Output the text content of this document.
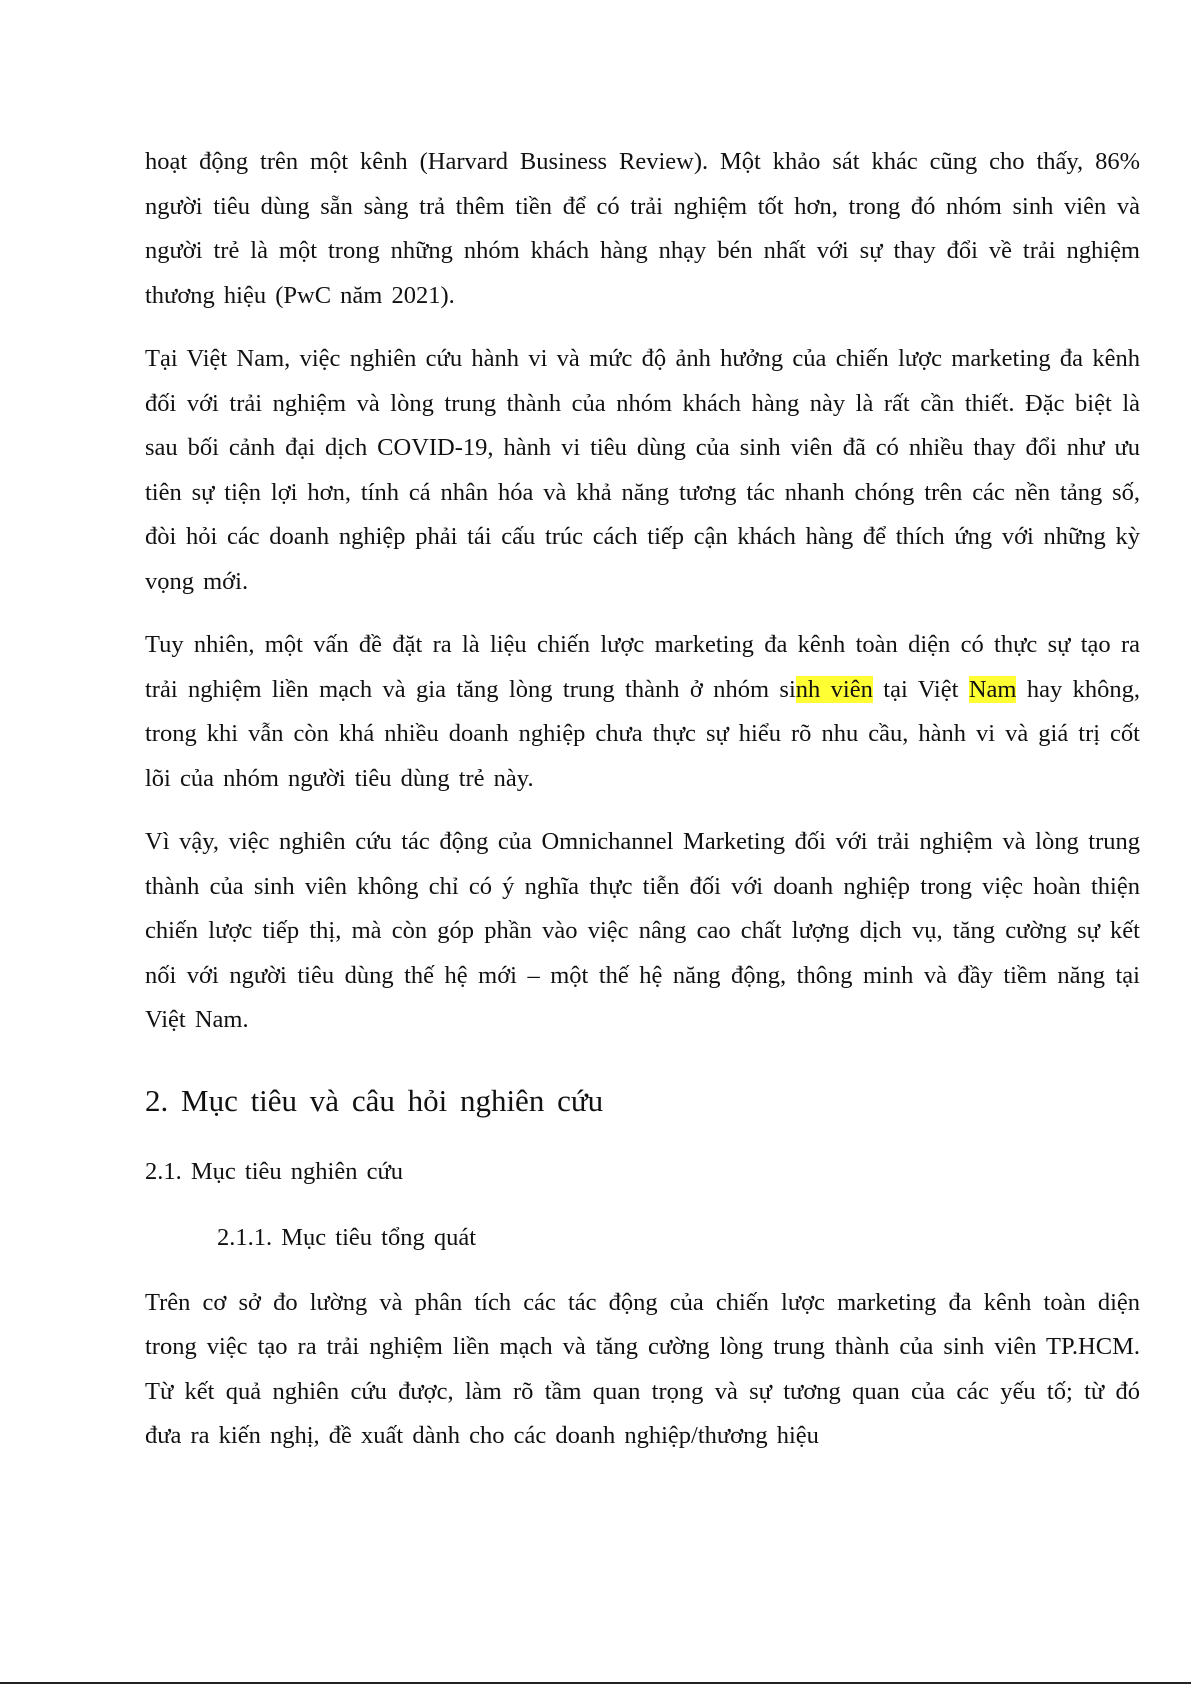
hoạt động trên một kênh (Harvard Business Review). Một khảo sát khác cũng cho thấy, 86% người tiêu dùng sẵn sàng trả thêm tiền để có trải nghiệm tốt hơn, trong đó nhóm sinh viên và người trẻ là một trong những nhóm khách hàng nhạy bén nhất với sự thay đổi về trải nghiệm thương hiệu (PwC năm 2021).

Tại Việt Nam, việc nghiên cứu hành vi và mức độ ảnh hưởng của chiến lược marketing đa kênh đối với trải nghiệm và lòng trung thành của nhóm khách hàng này là rất cần thiết. Đặc biệt là sau bối cảnh đại dịch COVID-19, hành vi tiêu dùng của sinh viên đã có nhiều thay đổi như ưu tiên sự tiện lợi hơn, tính cá nhân hóa và khả năng tương tác nhanh chóng trên các nền tảng số, đòi hỏi các doanh nghiệp phải tái cấu trúc cách tiếp cận khách hàng để thích ứng với những kỳ vọng mới.

Tuy nhiên, một vấn đề đặt ra là liệu chiến lược marketing đa kênh toàn diện có thực sự tạo ra trải nghiệm liền mạch và gia tăng lòng trung thành ở nhóm sinh viên tại Việt Nam hay không, trong khi vẫn còn khá nhiều doanh nghiệp chưa thực sự hiểu rõ nhu cầu, hành vi và giá trị cốt lõi của nhóm người tiêu dùng trẻ này.

Vì vậy, việc nghiên cứu tác động của Omnichannel Marketing đối với trải nghiệm và lòng trung thành của sinh viên không chỉ có ý nghĩa thực tiễn đối với doanh nghiệp trong việc hoàn thiện chiến lược tiếp thị, mà còn góp phần vào việc nâng cao chất lượng dịch vụ, tăng cường sự kết nối với người tiêu dùng thế hệ mới – một thế hệ năng động, thông minh và đầy tiềm năng tại Việt Nam.

2. Mục tiêu và câu hỏi nghiên cứu
2.1. Mục tiêu nghiên cứu
2.1.1. Mục tiêu tổng quát

Trên cơ sở đo lường và phân tích các tác động của chiến lược marketing đa kênh toàn diện trong việc tạo ra trải nghiệm liền mạch và tăng cường lòng trung thành của sinh viên TP.HCM. Từ kết quả nghiên cứu được, làm rõ tầm quan trọng và sự tương quan của các yếu tố; từ đó đưa ra kiến nghị, đề xuất dành cho các doanh nghiệp/thương hiệu
